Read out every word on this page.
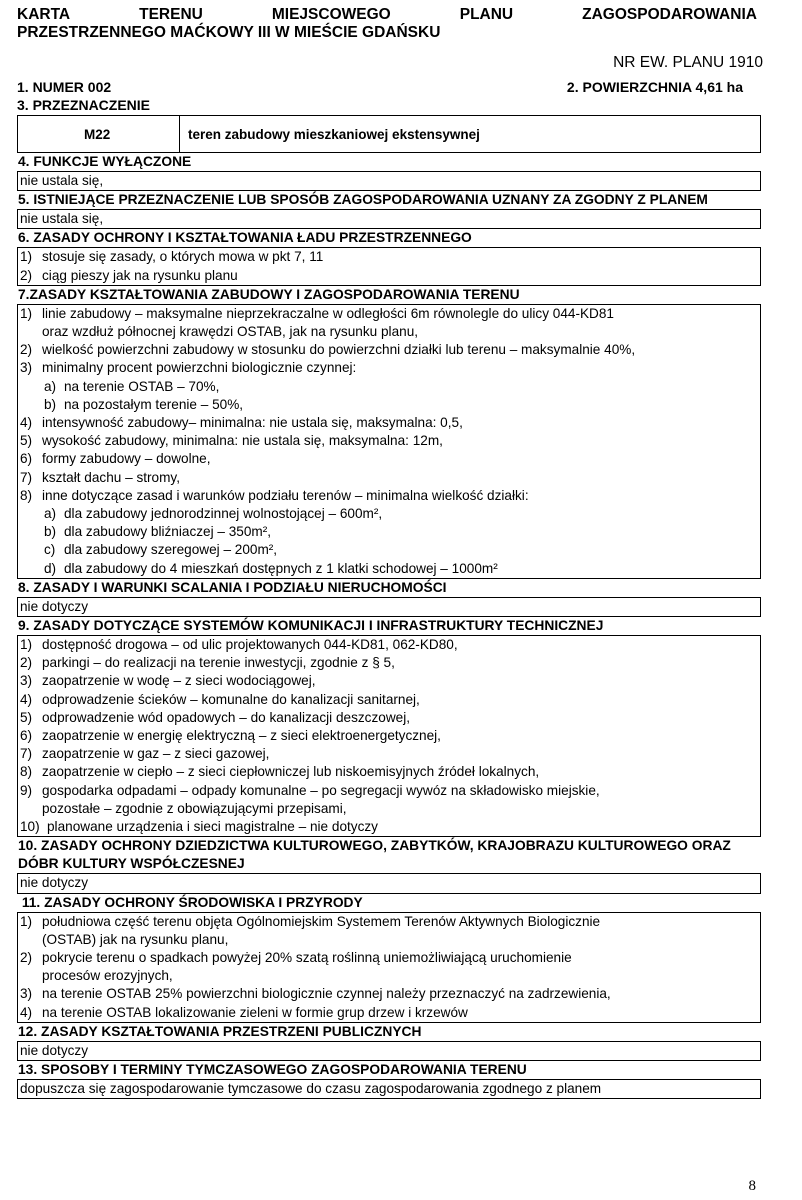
KARTA	TERENU	MIEJSCOWEGO	PLANU	ZAGOSPODAROWANIA
PRZESTRZENNEGO MAĆKOWY III W MIEŚCIE GDAŃSKU
NR EW. PLANU 1910
1. NUMER 002	2. POWIERZCHNIA 4,61 ha
3. PRZEZNACZENIE
M22	teren zabudowy mieszkaniowej ekstensywnej
4. FUNKCJE WYŁĄCZONE
nie ustala się,
5. ISTNIEJĄCE PRZEZNACZENIE LUB SPOSÓB ZAGOSPODAROWANIA UZNANY ZA ZGODNY Z PLANEM
nie ustala się,
6. ZASADY OCHRONY I KSZTAŁTOWANIA ŁADU PRZESTRZENNEGO
1) stosuje się zasady, o których mowa w pkt 7, 11
2) ciąg pieszy jak na rysunku planu
7.ZASADY KSZTAŁTOWANIA ZABUDOWY I ZAGOSPODAROWANIA TERENU
1) linie zabudowy – maksymalne nieprzekraczalne w odległości 6m równolegle do ulicy 044-KD81
oraz wzdłuż północnej krawędzi OSTAB, jak na rysunku planu,
2) wielkość powierzchni zabudowy w stosunku do powierzchni działki lub terenu – maksymalnie 40%,
3) minimalny procent powierzchni biologicznie czynnej:
a) na terenie OSTAB – 70%,
b) na pozostałym terenie – 50%,
4) intensywność zabudowy– minimalna: nie ustala się, maksymalna: 0,5,
5) wysokość zabudowy, minimalna: nie ustala się, maksymalna: 12m,
6) formy zabudowy – dowolne,
7) kształt dachu – stromy,
8) inne dotyczące zasad i warunków podziału terenów – minimalna wielkość działki:
a) dla zabudowy jednorodzinnej wolnostojącej – 600m²,
b) dla zabudowy bliźniaczej – 350m²,
c) dla zabudowy szeregowej – 200m²,
d) dla zabudowy do 4 mieszkań dostępnych z 1 klatki schodowej – 1000m²
8. ZASADY I WARUNKI SCALANIA I PODZIAŁU NIERUCHOMOŚCI
nie dotyczy
9. ZASADY DOTYCZĄCE SYSTEMÓW KOMUNIKACJI I INFRASTRUKTURY TECHNICZNEJ
1) dostępność drogowa – od ulic projektowanych 044-KD81, 062-KD80,
2) parkingi – do realizacji na terenie inwestycji, zgodnie z § 5,
3) zaopatrzenie w wodę – z sieci wodociągowej,
4) odprowadzenie ścieków – komunalne do kanalizacji sanitarnej,
5) odprowadzenie wód opadowych – do kanalizacji deszczowej,
6) zaopatrzenie w energię elektryczną – z sieci elektroenergetycznej,
7) zaopatrzenie w gaz – z sieci gazowej,
8) zaopatrzenie w ciepło – z sieci ciepłowniczej lub niskoemisyjnych źródeł lokalnych,
9) gospodarka odpadami – odpady komunalne – po segregacji wywóz na składowisko miejskie,
pozostałe – zgodnie z obowiązującymi przepisami,
10) planowane urządzenia i sieci magistralne – nie dotyczy
10. ZASADY OCHRONY DZIEDZICTWA KULTUROWEGO, ZABYTKÓW, KRAJOBRAZU KULTUROWEGO ORAZ DÓBR KULTURY WSPÓŁCZESNEJ
nie dotyczy
11. ZASADY OCHRONY ŚRODOWISKA I PRZYRODY
1) południowa część terenu objęta Ogólnomiejskim Systemem Terenów Aktywnych Biologicznie
(OSTAB) jak na rysunku planu,
2) pokrycie terenu o spadkach powyżej 20% szatą roślinną uniemożliwiającą uruchomienie
procesów erozyjnych,
3) na terenie OSTAB 25% powierzchni biologicznie czynnej należy przeznaczyć na zadrzewienia,
4) na terenie OSTAB lokalizowanie zieleni w formie grup drzew i krzewów
12. ZASADY KSZTAŁTOWANIA PRZESTRZENI PUBLICZNYCH
nie dotyczy
13. SPOSOBY I TERMINY TYMCZASOWEGO ZAGOSPODAROWANIA TERENU
dopuszcza się zagospodarowanie tymczasowe do czasu zagospodarowania zgodnego z planem
8
